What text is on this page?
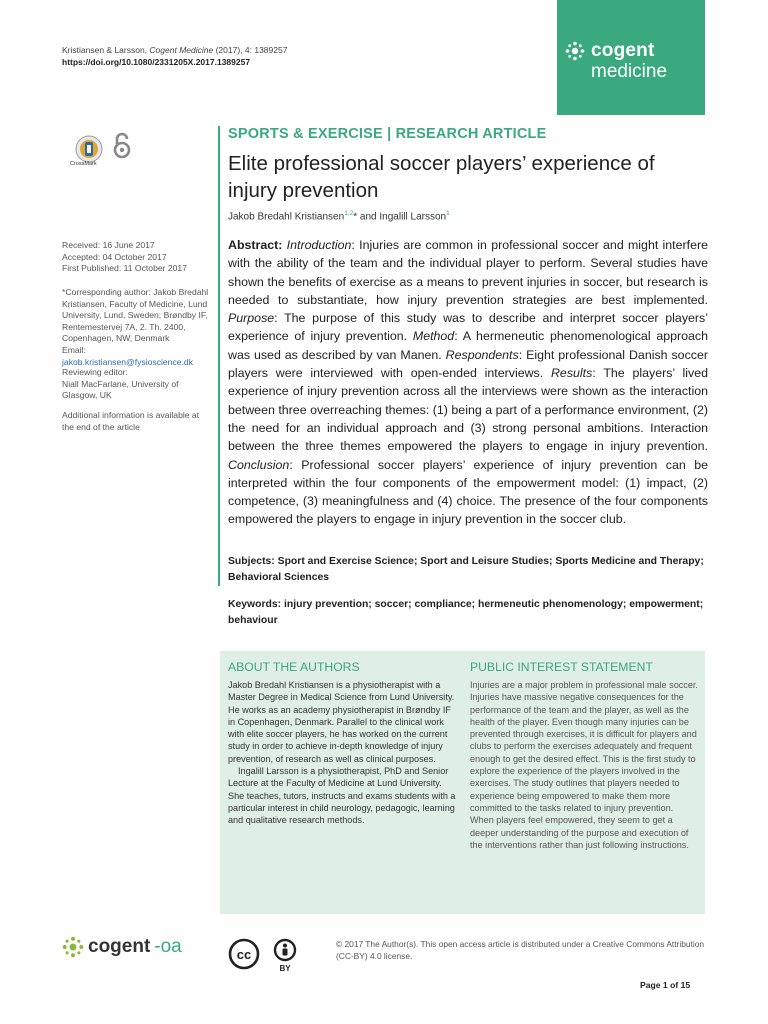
Kristiansen & Larsson, Cogent Medicine (2017), 4: 1389257
https://doi.org/10.1080/2331205X.2017.1389257
cogent
medicine
CrossMark
SPORTS & EXERCISE | RESEARCH ARTICLE
Elite professional soccer players’ experience of injury prevention
Jakob Bredahl Kristiansen$^{1,2}$* and Ingalill Larsson$^1$
Received: 16 June 2017
Accepted: 04 October 2017
First Published: 11 October 2017
*Corresponding author: Jakob Bredahl Kristiansen, Faculty of Medicine, Lund University, Lund, Sweden; Brøndby IF, Rentemestervej 7A, 2. Th. 2400, Copenhagen, NW, Denmark
Email: jakob.kristiansen@fysioscience.dk
Reviewing editor:
Niall MacFarlane, University of Glasgow, UK
Additional information is available at the end of the article
Abstract: Introduction: Injuries are common in professional soccer and might interfere with the ability of the team and the individual player to perform. Several studies have shown the benefits of exercise as a means to prevent injuries in soccer, but research is needed to substantiate, how injury prevention strategies are best implemented. Purpose: The purpose of this study was to describe and interpret soccer players’ experience of injury prevention. Method: A hermeneutic phenomenological approach was used as described by van Manen. Respondents: Eight professional Danish soccer players were interviewed with open-ended interviews. Results: The players’ lived experience of injury prevention across all the interviews were shown as the interaction between three overreaching themes: (1) being a part of a performance environment, (2) the need for an individual approach and (3) strong personal ambitions. Interaction between the three themes empowered the players to engage in injury prevention. Conclusion: Professional soccer players’ experience of injury prevention can be interpreted within the four components of the empowerment model: (1) impact, (2) competence, (3) meaningfulness and (4) choice. The presence of the four components empowered the players to engage in injury prevention in the soccer club.
Subjects: Sport and Exercise Science; Sport and Leisure Studies; Sports Medicine and Therapy; Behavioral Sciences
Keywords: injury prevention; soccer; compliance; hermeneutic phenomenology; empowerment; behaviour
ABOUT THE AUTHORS

Jakob Bredahl Kristiansen is a physiotherapist with a Master Degree in Medical Science from Lund University. He works as an academy physiotherapist in Brøndby IF in Copenhagen, Denmark. Parallel to the clinical work with elite soccer players, he has worked on the current study in order to achieve in-depth knowledge of injury prevention, of research as well as clinical purposes.

Ingalill Larsson is a physiotherapist, PhD and Senior Lecture at the Faculty of Medicine at Lund University. She teaches, tutors, instructs and exams students with a particular interest in child neurology, pedagogic, learning and qualitative research methods.

PUBLIC INTEREST STATEMENT
Injuries are a major problem in professional male soccer. Injuries have massive negative consequences for the performance of the team and the player, as well as the health of the player. Even though many injuries can be prevented through exercises, it is difficult for players and clubs to perform the exercises adequately and frequent enough to get the desired effect. This is the first study to explore the experience of the players involved in the exercises. The study outlines that players needed to experience being empowered to make them more committed to the tasks related to injury prevention. When players feel empowered, they seem to get a deeper understanding of the purpose and execution of the interventions rather than just following instructions.
cogent -oa	cc
BY
© 2017 The Author(s). This open access article is distributed under a Creative Commons Attribution (CC-BY) 4.0 license.
Page 1 of 15
